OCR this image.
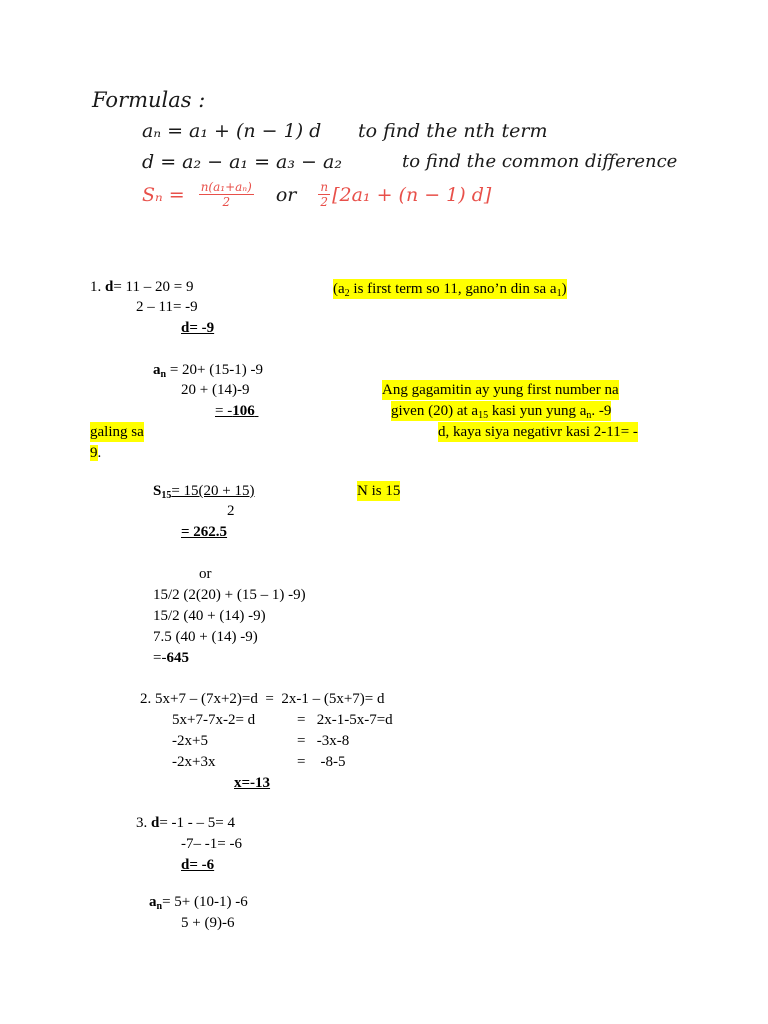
Formulas :
aₙ = a₁ + (n − 1) d to find the nth term
d = a₂ − a₁ = a₃ − a₂	to find the common difference
$S_n = \frac{\text{n(a₁+aₙ)}}{2}$ or $\frac{n}{2} [2a_1 + (n - 1)$ d]
1. d= 11 – 20 = 9	($a_2$ is first term so 11, gano’n din sa $a_1$)
2 – 11= -9
d= -9
$a_n = 20+ (15-1)$ -9
20 + (14)-9
= -106
Ang gagamitin ay yung first number na
given (20) at $a_{15}$ kasi yun yung $a_n$. -9
galing sa	d, kaya siya negativr kasi 2-11= -
9.
$S_{15}= 15(20 + 15)$
2
N is 15
= 262.5
or
15/2 (2(20) + (15 – 1) -9)
15/2 (40 + (14) -9)
7.5 (40 + (14) -9)
=-645
2. 5x+7 – (7x+2)=d  =  2x-1 – (5x+7)= d
5x+7-7x-2= d	=   2x-1-5x-7=d
-2x+5	=   -3x-8
-2x+3x	=    -8-5
x=-13
3. d= -1 - – 5= 4
-7– -1= -6
d= -6
$a_n= 5+ (10-1)$ -6
5 + (9)-6
